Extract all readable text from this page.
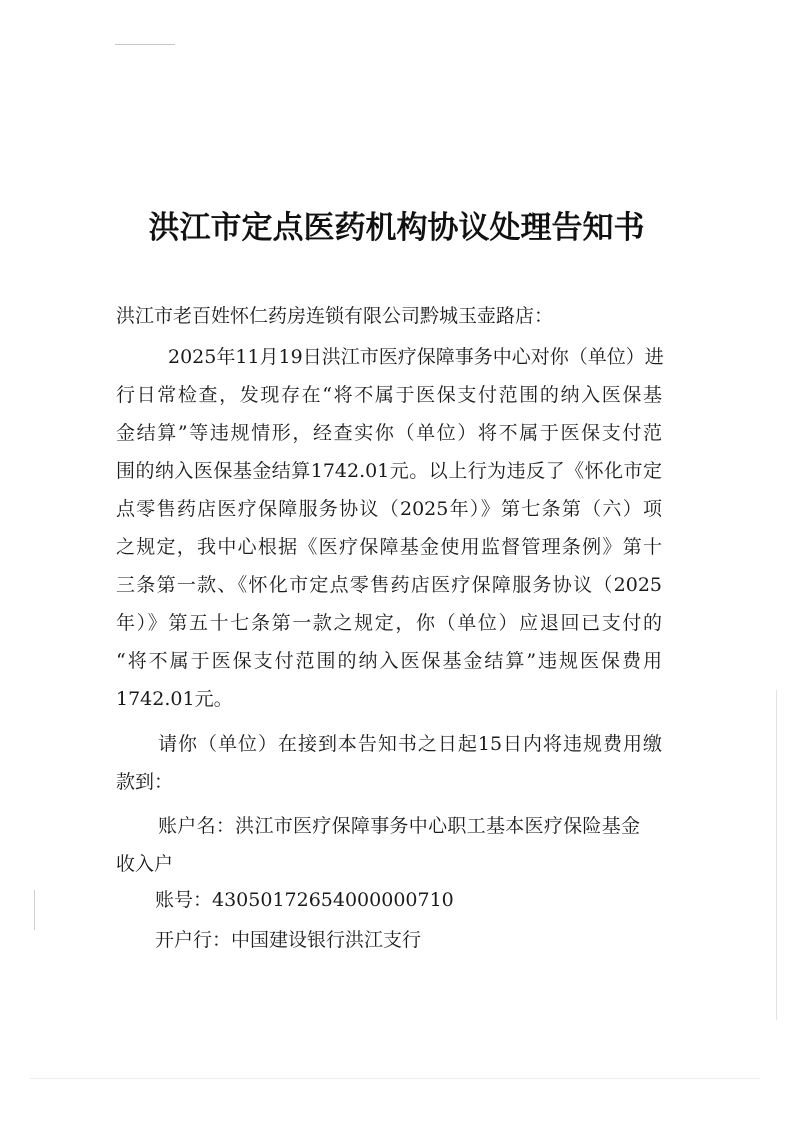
洪江市定点医药机构协议处理告知书
洪江市老百姓怀仁药房连锁有限公司黔城玉壶路店：
2025年11月19日洪江市医疗保障事务中心对你（单位）进
行日常检查，发现存在“将不属于医保支付范围的纳入医保基
金结算”等违规情形，经查实你（单位）将不属于医保支付范
围的纳入医保基金结算1742.01元。以上行为违反了《怀化市定
点零售药店医疗保障服务协议（2025年）》第七条第（六）项
之规定，我中心根据《医疗保障基金使用监督管理条例》第十
三条第一款、《怀化市定点零售药店医疗保障服务协议（2025
年）》第五十七条第一款之规定，你（单位）应退回已支付的
“将不属于医保支付范围的纳入医保基金结算”违规医保费用
1742.01元。
请你（单位）在接到本告知书之日起15日内将违规费用缴
款到：
账户名：洪江市医疗保障事务中心职工基本医疗保险基金
收入户
账号：43050172654000000710
开户行：中国建设银行洪江支行
